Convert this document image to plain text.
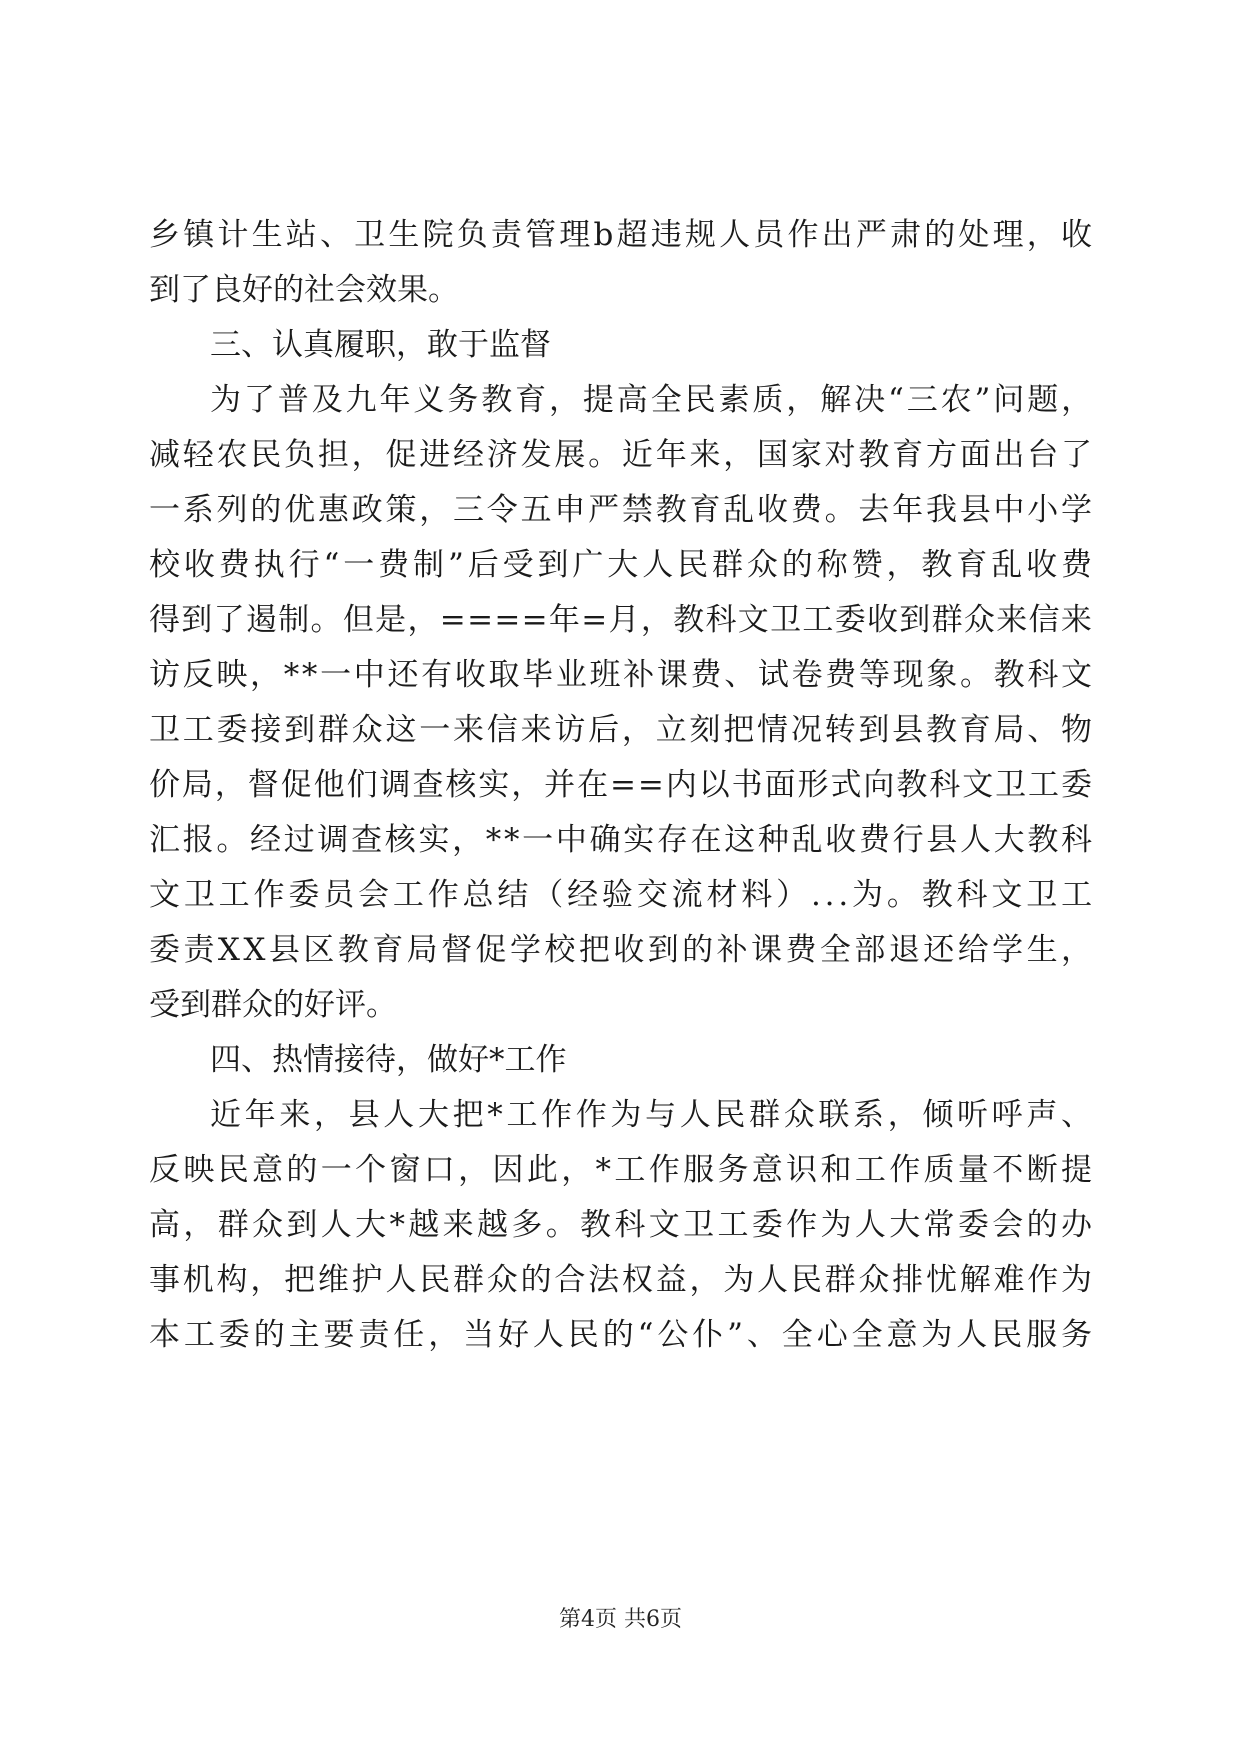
乡镇计生站、卫生院负责管理b超违规人员作出严肃的处理，收
到了良好的社会效果。
三、认真履职，敢于监督
为了普及九年义务教育，提高全民素质，解决“三农”问题，
减轻农民负担，促进经济发展。近年来，国家对教育方面出台了
一系列的优惠政策，三令五申严禁教育乱收费。去年我县中小学
校收费执行“一费制”后受到广大人民群众的称赞，教育乱收费
得到了遏制。但是，====年=月，教科文卫工委收到群众来信来
访反映，**一中还有收取毕业班补课费、试卷费等现象。教科文
卫工委接到群众这一来信来访后，立刻把情况转到县教育局、物
价局，督促他们调查核实，并在==内以书面形式向教科文卫工委
汇报。经过调查核实，**一中确实存在这种乱收费行县人大教科
文卫工作委员会工作总结（经验交流材料）...为。教科文卫工
委责XX县区教育局督促学校把收到的补课费全部退还给学生，
受到群众的好评。
四、热情接待，做好*工作
近年来，县人大把*工作作为与人民群众联系，倾听呼声、
反映民意的一个窗口，因此，*工作服务意识和工作质量不断提
高，群众到人大*越来越多。教科文卫工委作为人大常委会的办
事机构，把维护人民群众的合法权益，为人民群众排忧解难作为
本工委的主要责任，当好人民的“公仆”、全心全意为人民服务
第4页 共6页
